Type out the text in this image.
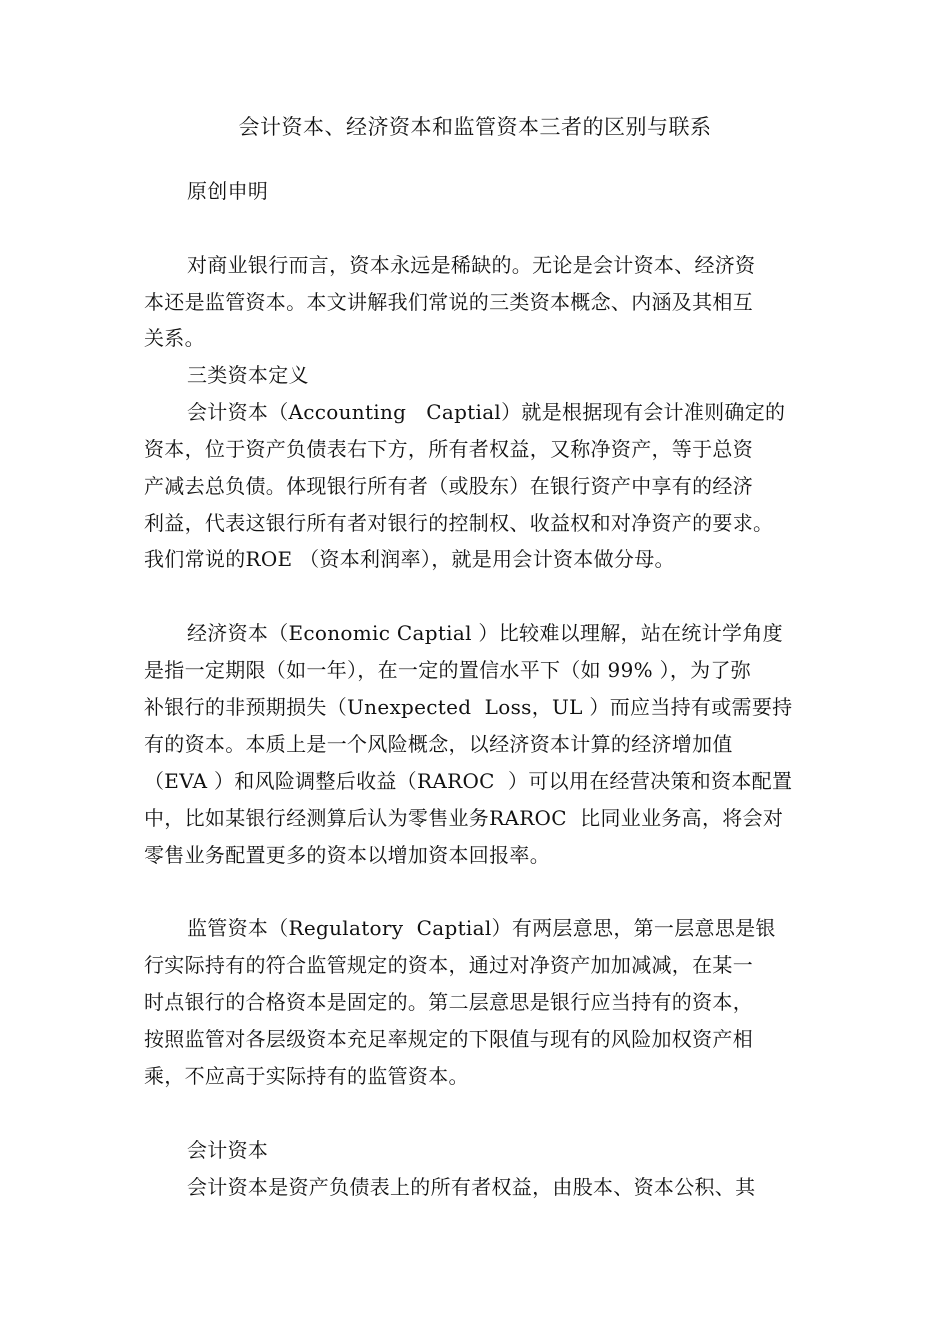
会计资本、经济资本和监管资本三者的区别与联系
原创申明
对商业银行而言，资本永远是稀缺的。无论是会计资本、经济资
本还是监管资本。本文讲解我们常说的三类资本概念、内涵及其相互
关系。
三类资本定义
会计资本（Accounting   Captial）就是根据现有会计准则确定的
资本，位于资产负债表右下方，所有者权益，又称净资产，等于总资
产减去总负债。体现银行所有者（或股东）在银行资产中享有的经济
利益，代表这银行所有者对银行的控制权、收益权和对净资产的要求。
我们常说的ROE （资本利润率），就是用会计资本做分母。
经济资本（Economic Captial ）比较难以理解，站在统计学角度
是指一定期限（如一年），在一定的置信水平下（如 99% ），为了弥
补银行的非预期损失（Unexpected  Loss，UL ）而应当持有或需要持
有的资本。本质上是一个风险概念，以经济资本计算的经济增加值
（EVA ）和风险调整后收益（RAROC  ）可以用在经营决策和资本配置
中，比如某银行经测算后认为零售业务RAROC  比同业业务高，将会对
零售业务配置更多的资本以增加资本回报率。
监管资本（Regulatory  Captial）有两层意思，第一层意思是银
行实际持有的符合监管规定的资本，通过对净资产加加减减，在某一
时点银行的合格资本是固定的。第二层意思是银行应当持有的资本，
按照监管对各层级资本充足率规定的下限值与现有的风险加权资产相
乘，不应高于实际持有的监管资本。
会计资本
会计资本是资产负债表上的所有者权益，由股本、资本公积、其
